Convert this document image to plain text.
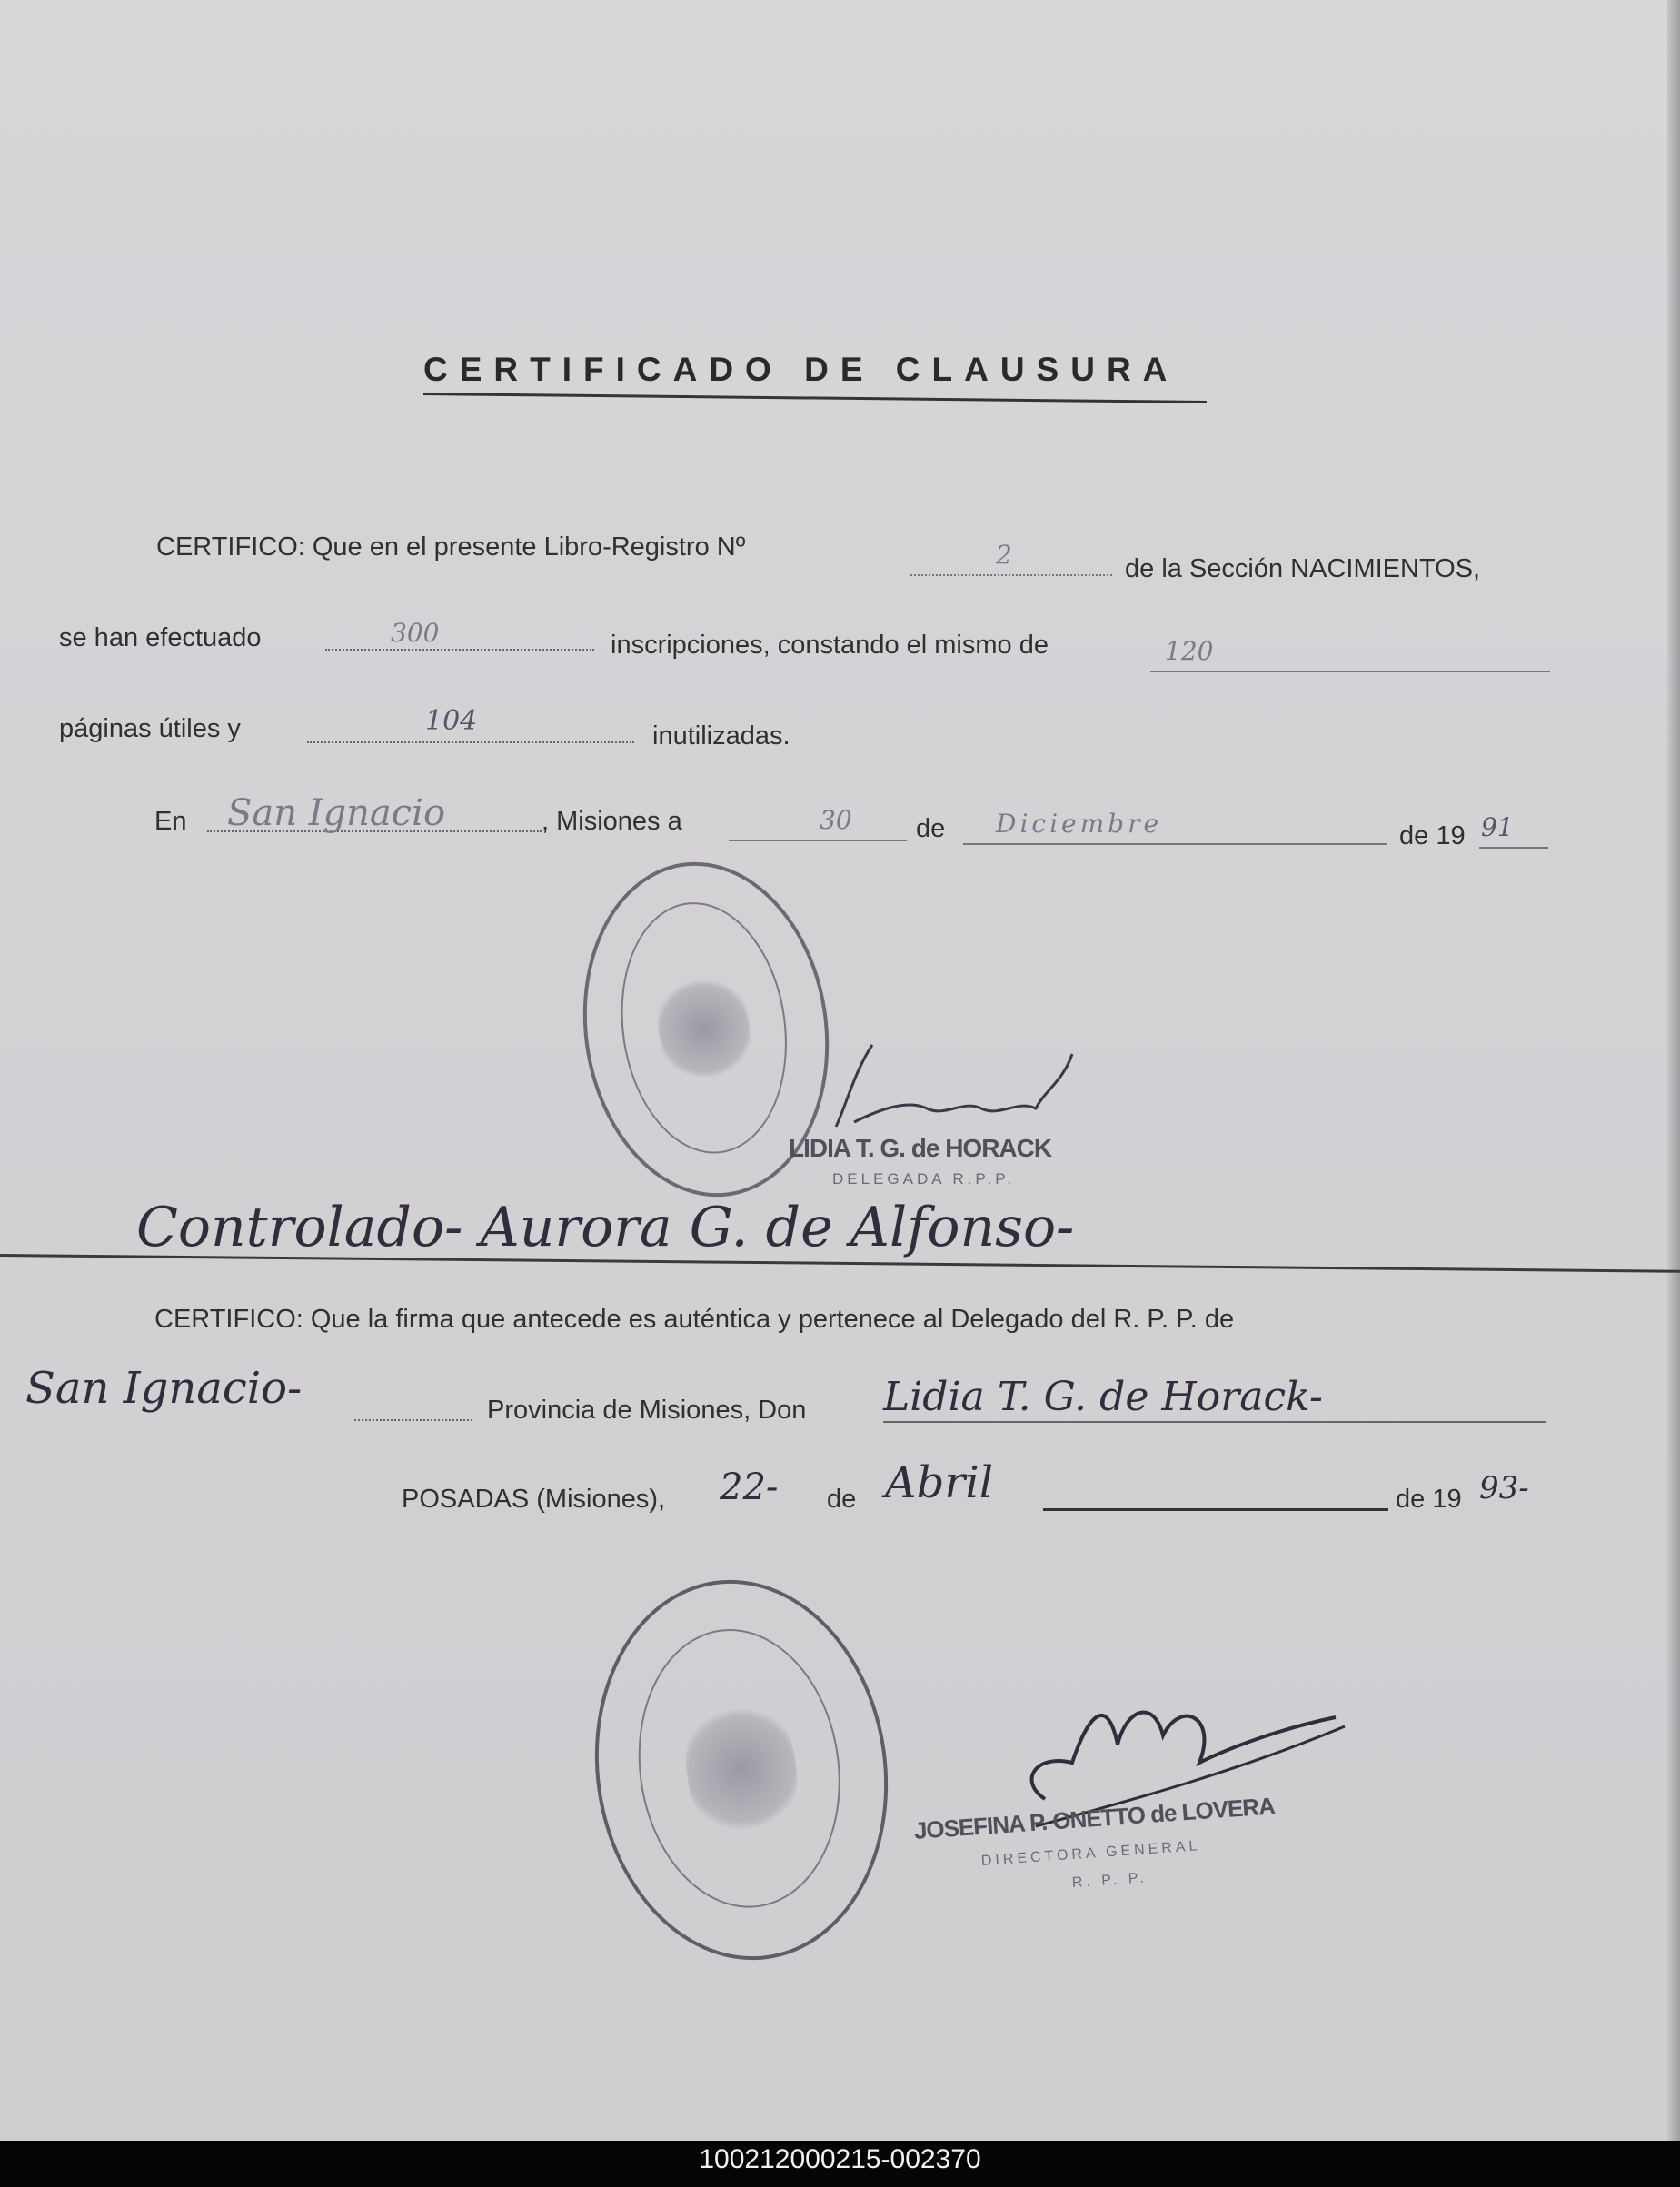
CERTIFICADO DE CLAUSURA
CERTIFICO: Que en el presente Libro-Registro Nº	2	de la Sección NACIMIENTOS,
se han efectuado	300	inscripciones, constando el mismo de	120
páginas útiles y	104	inutilizadas.
En San Ignacio	, Misiones a	30 de Diciembre	de 19 91
LIDIA T. G. de HORACK
DELEGADA R.P.P.
Controlado- Aurora G. de Alfonso-
CERTIFICO: Que la firma que antecede es auténtica y pertenece al Delegado del R. P. P. de
San Ignacio-	Provincia de Misiones, Don Lidia T. G. de Horack-
POSADAS (Misiones), 22- de Abril	de 19 93-
JOSEFINA P. ONETTO de LOVERA
DIRECTORA GENERAL
R. P. P.
100212000215-002370
